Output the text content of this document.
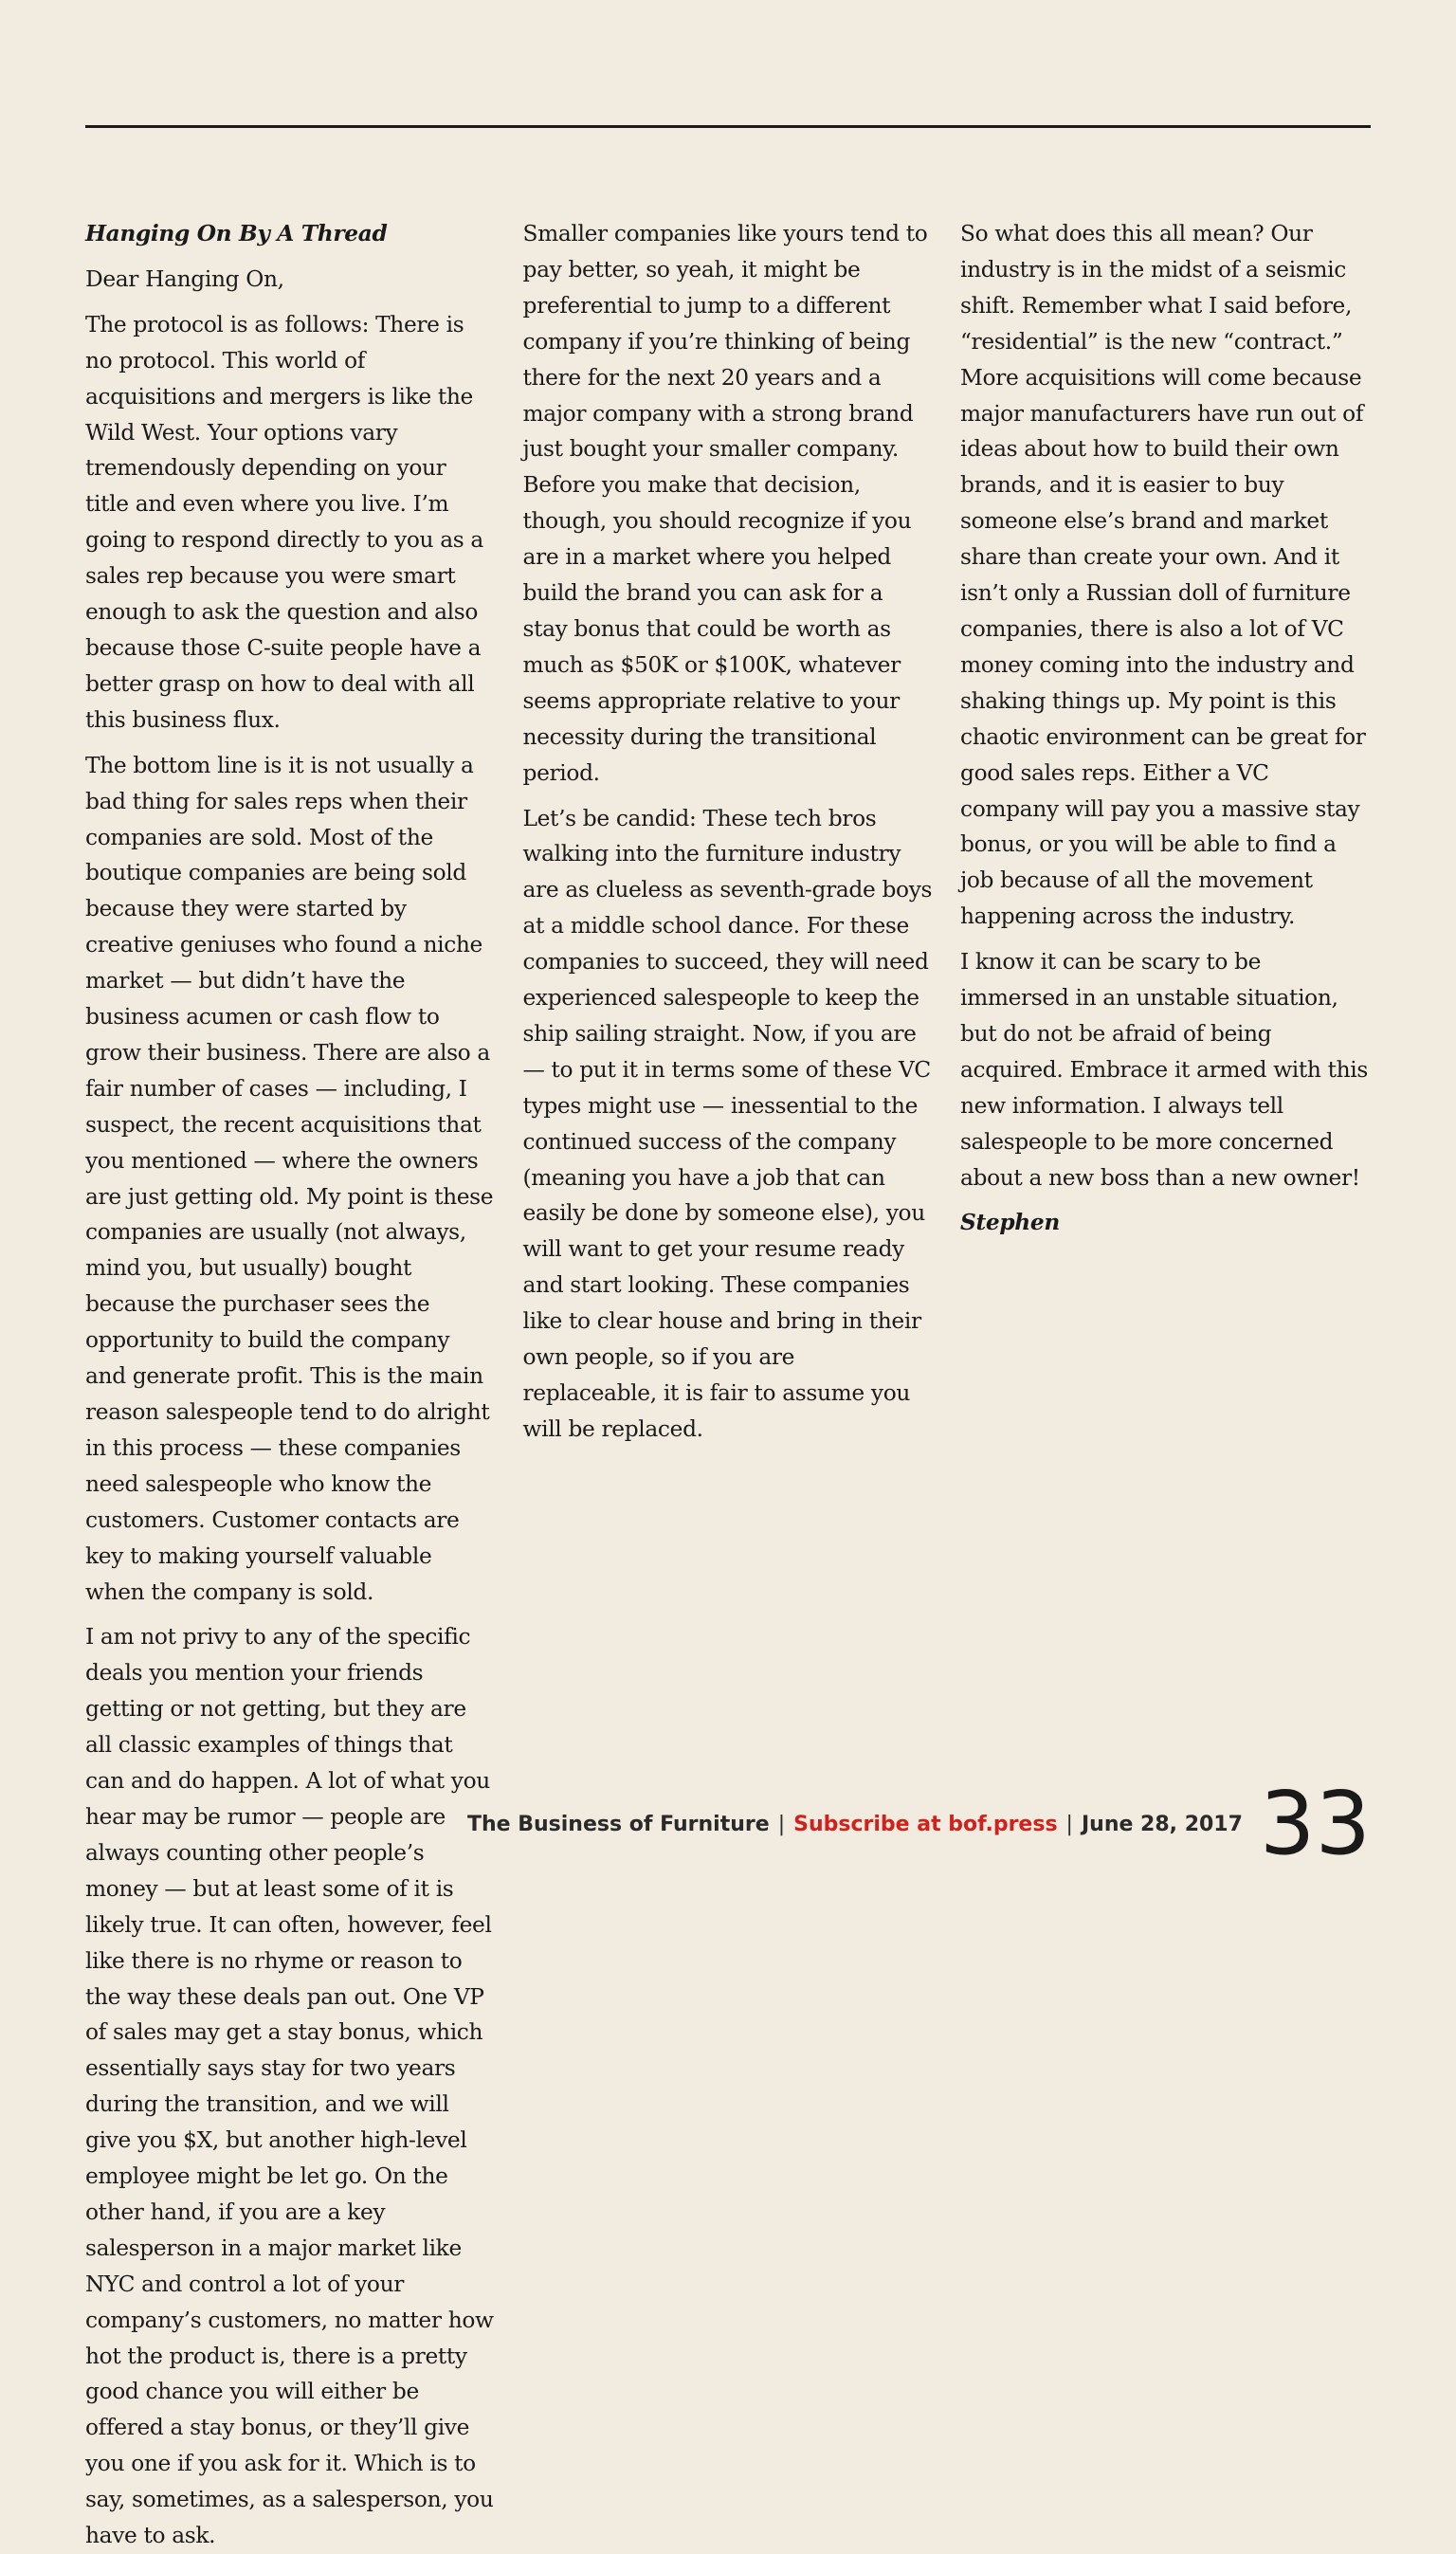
Hanging On By A Thread

Dear Hanging On,

The protocol is as follows: There is no protocol. This world of acquisitions and mergers is like the Wild West. Your options vary tremendously depending on your title and even where you live. I’m going to respond directly to you as a sales rep because you were smart enough to ask the question and also because those C-suite people have a better grasp on how to deal with all this business flux.

The bottom line is it is not usually a bad thing for sales reps when their companies are sold. Most of the boutique companies are being sold because they were started by creative geniuses who found a niche market — but didn’t have the business acumen or cash flow to grow their business. There are also a fair number of cases — including, I suspect, the recent acquisitions that you mentioned — where the owners are just getting old. My point is these companies are usually (not always, mind you, but usually) bought because the purchaser sees the opportunity to build the company and generate profit. This is the main reason salespeople tend to do alright in this process — these companies need salespeople who know the customers. Customer contacts are key to making yourself valuable when the company is sold.

I am not privy to any of the specific deals you mention your friends getting or not getting, but they are all classic examples of things that can and do happen. A lot of what you hear may be rumor — people are always counting other people’s money — but at least some of it is likely true. It can often, however, feel like there is no rhyme or reason to the way these deals pan out. One VP of sales may get a stay bonus, which essentially says stay for two years during the transition, and we will give you $X, but another high-level employee might be let go. On the other hand, if you are a key salesperson in a major market like NYC and control a lot of your company’s customers, no matter how hot the product is, there is a pretty good chance you will either be offered a stay bonus, or they’ll give you one if you ask for it. Which is to say, sometimes, as a salesperson, you have to ask.

Smaller companies like yours tend to pay better, so yeah, it might be preferential to jump to a different company if you’re thinking of being there for the next 20 years and a major company with a strong brand just bought your smaller company. Before you make that decision, though, you should recognize if you are in a market where you helped build the brand you can ask for a stay bonus that could be worth as much as $50K or $100K, whatever seems appropriate relative to your necessity during the transitional period.

Let’s be candid: These tech bros walking into the furniture industry are as clueless as seventh-grade boys at a middle school dance. For these companies to succeed, they will need experienced salespeople to keep the ship sailing straight. Now, if you are — to put it in terms some of these VC types might use — inessential to the continued success of the company (meaning you have a job that can easily be done by someone else), you will want to get your resume ready and start looking. These companies like to clear house and bring in their own people, so if you are replaceable, it is fair to assume you will be replaced.

So what does this all mean? Our industry is in the midst of a seismic shift. Remember what I said before, “residential” is the new “contract.” More acquisitions will come because major manufacturers have run out of ideas about how to build their own brands, and it is easier to buy someone else’s brand and market share than create your own. And it isn’t only a Russian doll of furniture companies, there is also a lot of VC money coming into the industry and shaking things up. My point is this chaotic environment can be great for good sales reps. Either a VC company will pay you a massive stay bonus, or you will be able to find a job because of all the movement happening across the industry.

I know it can be scary to be immersed in an unstable situation, but do not be afraid of being acquired. Embrace it armed with this new information. I always tell salespeople to be more concerned about a new boss than a new owner!

Stephen

The Business of Furniture | Subscribe at bof.press | June 28, 2017 33
